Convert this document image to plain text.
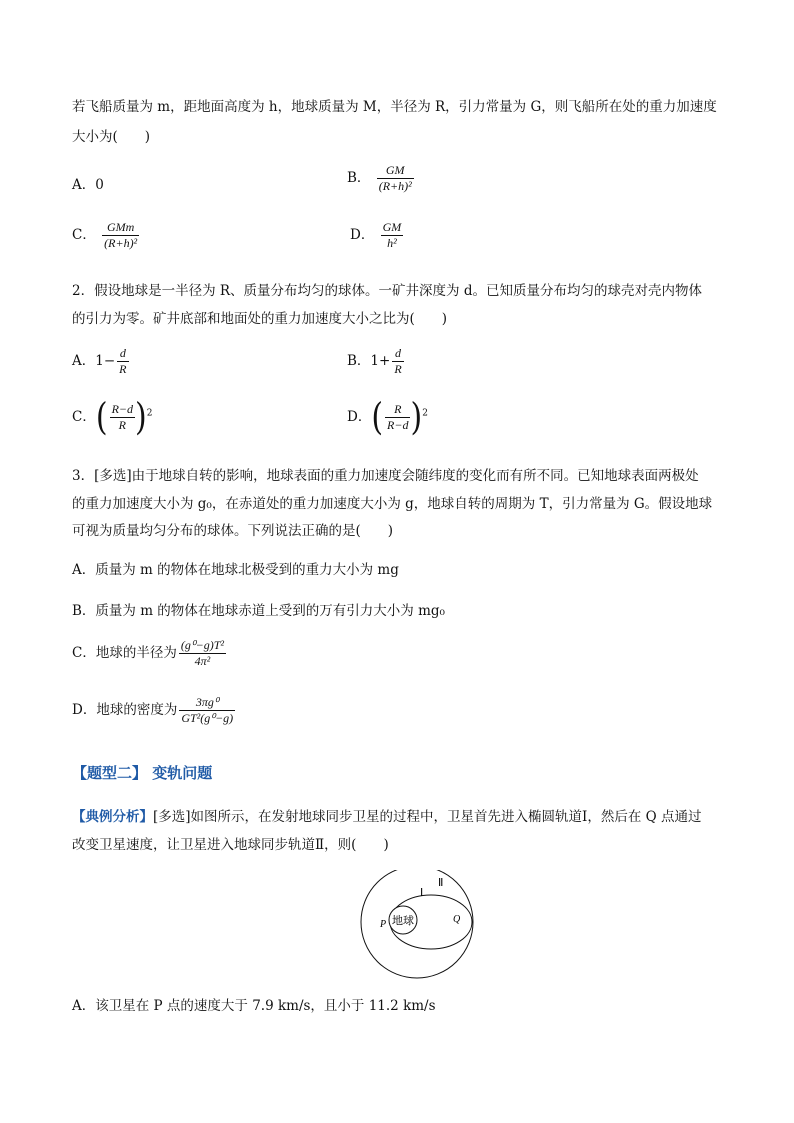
若飞船质量为 m，距地面高度为 h，地球质量为 M，半径为 R，引力常量为 G，则飞船所在处的重力加速度
大小为(　　)
A．0	B． $\frac{GM}{\text{(R+h)²}}$
C． $\frac{\text{GMm}}{\text{(R+h)²}}$	D． $\frac{GM}{\text{h²}}$
2．假设地球是一半径为 R、质量分布均匀的球体。一矿井深度为 d。已知质量分布均匀的球壳对壳内物体
的引力为零。矿井底部和地面处的重力加速度大小之比为(　　)
A．$1- \frac{d}{R}$	B．$1+ \frac{d}{R}$
C．( $\frac{R-d}{R} )^2$	D．( $\frac{R}{R-d} )^2$
3．[多选]由于地球自转的影响，地球表面的重力加速度会随纬度的变化而有所不同。已知地球表面两极处
的重力加速度大小为 g₀，在赤道处的重力加速度大小为 g，地球自转的周期为 T，引力常量为 G。假设地球
可视为质量均匀分布的球体。下列说法正确的是(　　)
A．质量为 m 的物体在地球北极受到的重力大小为 mg
B．质量为 m 的物体在地球赤道上受到的万有引力大小为 mg₀
C．地球的半径为 $\frac{\text{(g⁰−g)T²}}{\text{4π²}}$
D．地球的密度为 $\frac{\text{3πg⁰}}{\text{GT²(g⁰−g)}}$
【题型二】 变轨问题
【典例分析】[多选]如图所示，在发射地球同步卫星的过程中，卫星首先进入椭圆轨道Ⅰ，然后在 Q 点通过
改变卫星速度，让卫星进入地球同步轨道Ⅱ，则(　　)
地球
Ⅰ
Ⅱ
P	Q
A．该卫星在 P 点的速度大于 7.9 km/s，且小于 11.2 km/s
